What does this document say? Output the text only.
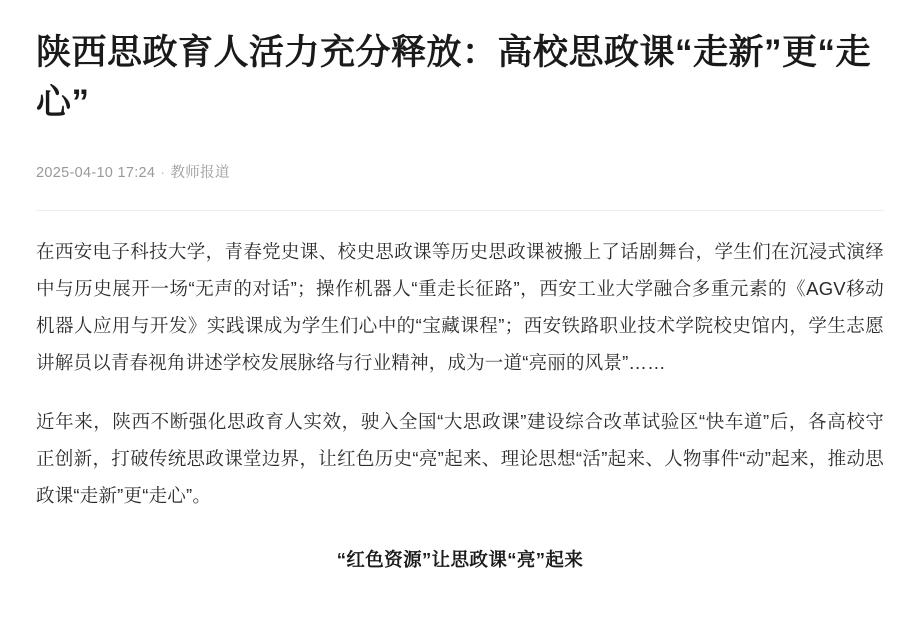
陕西思政育人活力充分释放：高校思政课“走新”更“走心”
2025-04-10 17:24 · 教师报道

在西安电子科技大学，青春党史课、校史思政课等历史思政课被搬上了话剧舞台，学生们在沉浸式演绎中与历史展开一场“无声的对话”；操作机器人“重走长征路”，西安工业大学融合多重元素的《AGV移动机器人应用与开发》实践课成为学生们心中的“宝藏课程”；西安铁路职业技术学院校史馆内，学生志愿讲解员以青春视角讲述学校发展脉络与行业精神，成为一道“亮丽的风景”……

近年来，陕西不断强化思政育人实效，驶入全国“大思政课”建设综合改革试验区“快车道”后，各高校守正创新，打破传统思政课堂边界，让红色历史“亮”起来、理论思想“活”起来、人物事件“动”起来，推动思政课“走新”更“走心”。

“红色资源”让思政课“亮”起来
